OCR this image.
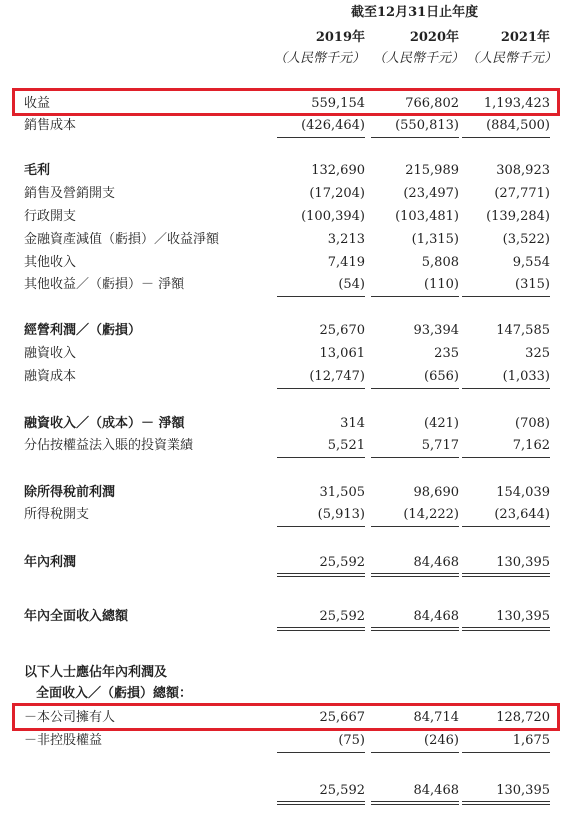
截至12月31日止年度
2019年	2020年	2021年
（人民幣千元） （人民幣千元） （人民幣千元）
收益	559,154	766,802	1,193,423
銷售成本	(426,464)	(550,813)	(884,500)
毛利	132,690	215,989	308,923
銷售及營銷開支	(17,204)	(23,497)	(27,771)
行政開支	(100,394)	(103,481)	(139,284)
金融資產減值（虧損）／收益淨額	3,213	(1,315)	(3,522)
其他收入	7,419	5,808	9,554
其他收益／（虧損）－ 淨額	(54)	(110)	(315)
經營利潤／（虧損）	25,670	93,394	147,585
融資收入	13,061	235	325
融資成本	(12,747)	(656)	(1,033)
融資收入／（成本）－ 淨額	314	(421)	(708)
分佔按權益法入賬的投資業績	5,521	5,717	7,162
除所得稅前利潤	31,505	98,690	154,039
所得稅開支	(5,913)	(14,222)	(23,644)
年內利潤	25,592	84,468	130,395
年內全面收入總額	25,592	84,468	130,395
以下人士應佔年內利潤及
全面收入／（虧損）總額：
－本公司擁有人	25,667	84,714	128,720
－非控股權益	(75)	(246)	1,675
25,592	84,468	130,395
